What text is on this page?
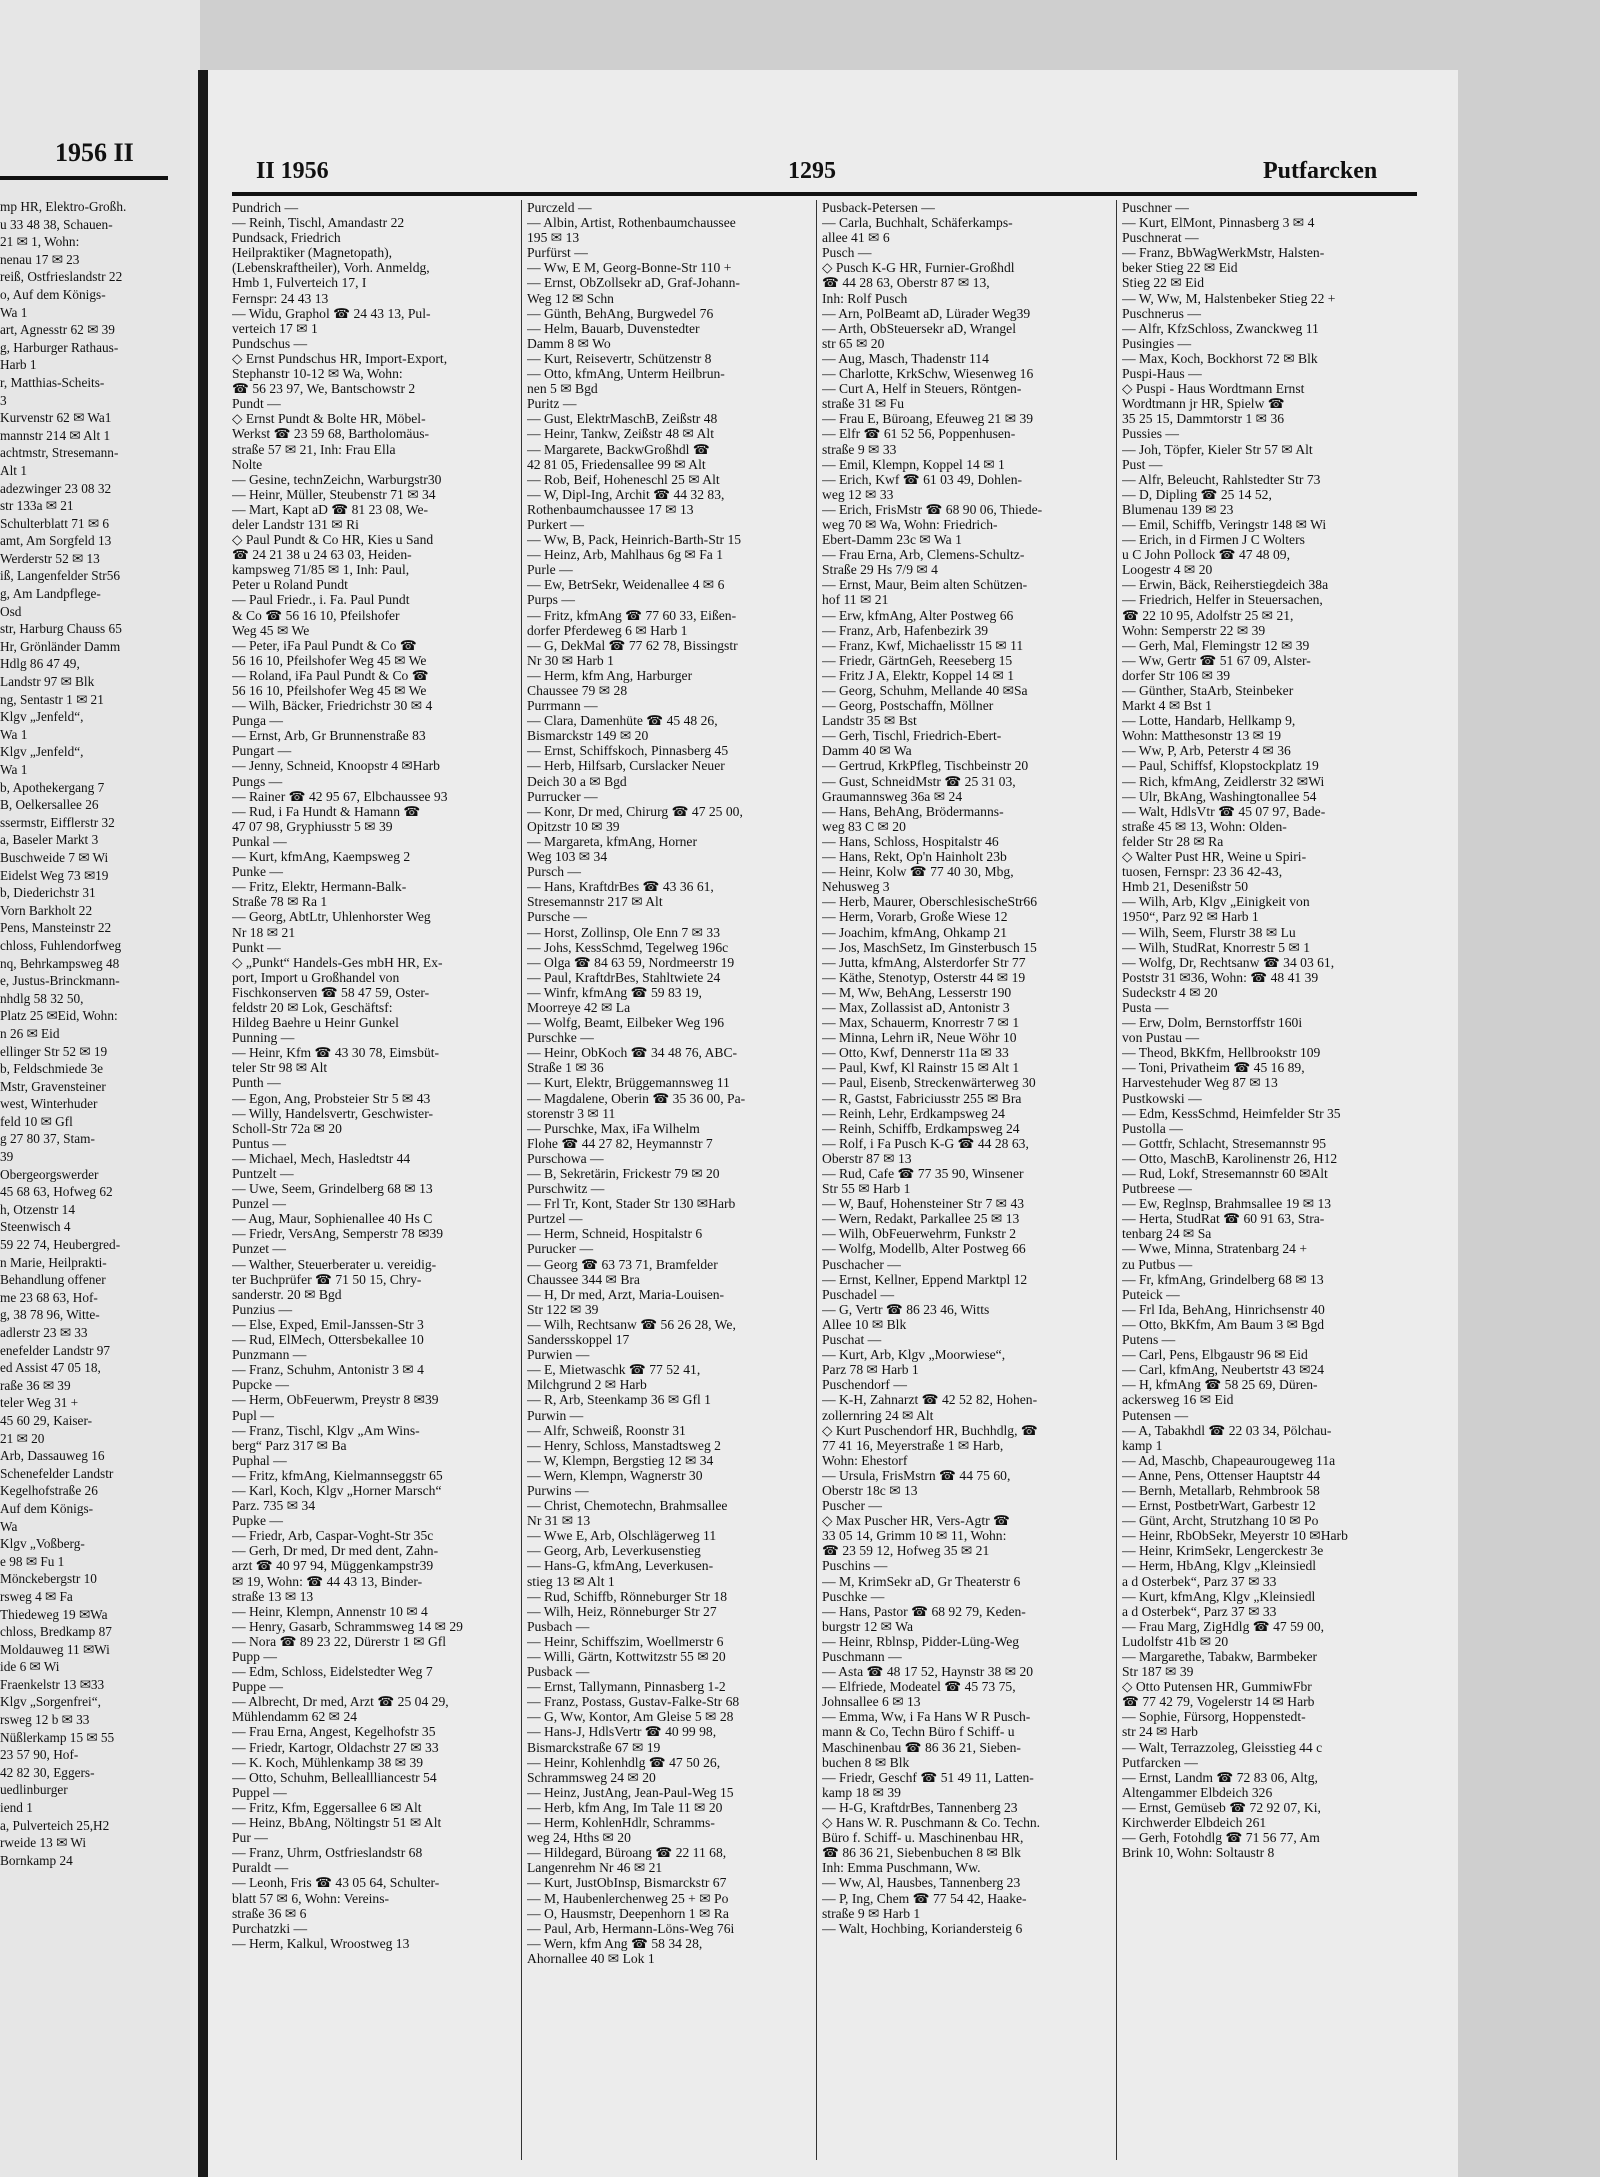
1956 II
mp HR, Elektro-Großh.
u 33 48 38, Schauen-
21 ✉ 1, Wohn:
nenau 17 ✉ 23
reiß, Ostfrieslandstr 22
o, Auf dem Königs-
Wa 1
art, Agnesstr 62 ✉ 39
g, Harburger Rathaus-
Harb 1
r, Matthias-Scheits-
3
Kurvenstr 62 ✉ Wa1
mannstr 214 ✉ Alt 1
achtmstr, Stresemann-
Alt 1
adezwinger 23 08 32
str 133a ✉ 21
Schulterblatt 71 ✉ 6
amt, Am Sorgfeld 13
Werderstr 52 ✉ 13
iß, Langenfelder Str56
g, Am Landpflege-
Osd
str, Harburg Chauss 65
Hr, Grönländer Damm
Hdlg 86 47 49,
Landstr 97 ✉ Blk
ng, Sentastr 1 ✉ 21
Klgv „Jenfeld“,
Wa 1
Klgv „Jenfeld“,
Wa 1
b, Apothekergang 7
B, Oelkersallee 26
ssermstr, Eifflerstr 32
a, Baseler Markt 3
Buschweide 7 ✉ Wi
Eidelst Weg 73 ✉19
b, Diederichstr 31
Vorn Barkholt 22
Pens, Mansteinstr 22
chloss, Fuhlendorfweg
nq, Behrkampsweg 48
e, Justus-Brinckmann-
nhdlg 58 32 50,
Platz 25 ✉Eid, Wohn:
n 26 ✉ Eid
ellinger Str 52 ✉ 19
b, Feldschmiede 3e
Mstr, Gravensteiner
west, Winterhuder
feld 10 ✉ Gfl
g 27 80 37, Stam-
39
Obergeorgswerder
45 68 63, Hofweg 62
h, Otzenstr 14
Steenwisch 4
59 22 74, Heubergred-
n Marie, Heilprakti-
Behandlung offener
me 23 68 63, Hof-
g, 38 78 96, Witte-
adlerstr 23 ✉ 33
enefelder Landstr 97
ed Assist 47 05 18,
raße 36 ✉ 39
teler Weg 31 +
45 60 29, Kaiser-
21 ✉ 20
Arb, Dassauweg 16
Schenefelder Landstr
Kegelhofstraße 26
Auf dem Königs-
Wa
Klgv „Voßberg-
e 98 ✉ Fu 1
Mönckebergstr 10
rsweg 4 ✉ Fa
Thiedeweg 19 ✉Wa
chloss, Bredkamp 87
Moldauweg 11 ✉Wi
ide 6 ✉ Wi
Fraenkelstr 13 ✉33
Klgv „Sorgenfrei“,
rsweg 12 b ✉ 33
Nüßlerkamp 15 ✉ 55
23 57 90, Hof-
42 82 30, Eggers-
uedlinburger
iend 1
a, Pulverteich 25,H2
rweide 13 ✉ Wi
Bornkamp 24
II 1956	1295	Putfarcken
Pundrich —
— Reinh, Tischl, Amandastr 22
Pundsack, Friedrich
Heilpraktiker (Magnetopath),
(Lebenskraftheiler), Vorh. Anmeldg,
Hmb 1, Fulverteich 17, I
Fernspr: 24 43 13
— Widu, Graphol ☎ 24 43 13, Pul-
verteich 17 ✉ 1
Pundschus —
◇ Ernst Pundschus HR, Import-Export,
Stephanstr 10-12 ✉ Wa, Wohn:
☎ 56 23 97, We, Bantschowstr 2
Pundt —
◇ Ernst Pundt & Bolte HR, Möbel-
Werkst ☎ 23 59 68, Bartholomäus-
straße 57 ✉ 21, Inh: Frau Ella
Nolte
— Gesine, technZeichn, Warburgstr30
— Heinr, Müller, Steubenstr 71 ✉ 34
— Mart, Kapt aD ☎ 81 23 08, We-
deler Landstr 131 ✉ Ri
◇ Paul Pundt & Co HR, Kies u Sand
☎ 24 21 38 u 24 63 03, Heiden-
kampsweg 71/85 ✉ 1, Inh: Paul,
Peter u Roland Pundt
— Paul Friedr., i. Fa. Paul Pundt
& Co ☎ 56 16 10, Pfeilshofer
Weg 45 ✉ We
— Peter, iFa Paul Pundt & Co ☎
56 16 10, Pfeilshofer Weg 45 ✉ We
— Roland, iFa Paul Pundt & Co ☎
56 16 10, Pfeilshofer Weg 45 ✉ We
— Wilh, Bäcker, Friedrichstr 30 ✉ 4
Punga —
— Ernst, Arb, Gr Brunnenstraße 83
Pungart —
— Jenny, Schneid, Knoopstr 4 ✉Harb
Pungs —
— Rainer ☎ 42 95 67, Elbchaussee 93
— Rud, i Fa Hundt & Hamann ☎
47 07 98, Gryphiusstr 5 ✉ 39
Punkal —
— Kurt, kfmAng, Kaempsweg 2
Punke —
— Fritz, Elektr, Hermann-Balk-
Straße 78 ✉ Ra 1
— Georg, AbtLtr, Uhlenhorster Weg
Nr 18 ✉ 21
Punkt —
◇ „Punkt“ Handels-Ges mbH HR, Ex-
port, Import u Großhandel von
Fischkonserven ☎ 58 47 59, Oster-
feldstr 20 ✉ Lok, Geschäftsf:
Hildeg Baehre u Heinr Gunkel
Punning —
— Heinr, Kfm ☎ 43 30 78, Eimsbüt-
teler Str 98 ✉ Alt
Punth —
— Egon, Ang, Probsteier Str 5 ✉ 43
— Willy, Handelsvertr, Geschwister-
Scholl-Str 72a ✉ 20
Puntus —
— Michael, Mech, Hasledtstr 44
Puntzelt —
— Uwe, Seem, Grindelberg 68 ✉ 13
Punzel —
— Aug, Maur, Sophienallee 40 Hs C
— Friedr, VersAng, Semperstr 78 ✉39
Punzet —
— Walther, Steuerberater u. vereidig-
ter Buchprüfer ☎ 71 50 15, Chry-
sanderstr. 20 ✉ Bgd
Punzius —
— Else, Exped, Emil-Janssen-Str 3
— Rud, ElMech, Ottersbekallee 10
Punzmann —
— Franz, Schuhm, Antonistr 3 ✉ 4
Pupcke —
— Herm, ObFeuerwm, Preystr 8 ✉39
Pupl —
— Franz, Tischl, Klgv „Am Wins-
berg“ Parz 317 ✉ Ba
Puphal —
— Fritz, kfmAng, Kielmannseggstr 65
— Karl, Koch, Klgv „Horner Marsch“
Parz. 735 ✉ 34
Pupke —
— Friedr, Arb, Caspar-Voght-Str 35c
— Gerh, Dr med, Dr med dent, Zahn-
arzt ☎ 40 97 94, Müggenkampstr39
✉ 19, Wohn: ☎ 44 43 13, Binder-
straße 13 ✉ 13
— Heinr, Klempn, Annenstr 10 ✉ 4
— Henry, Gasarb, Schrammsweg 14 ✉ 29
— Nora ☎ 89 23 22, Dürerstr 1 ✉ Gfl
Pupp —
— Edm, Schloss, Eidelstedter Weg 7
Puppe —
— Albrecht, Dr med, Arzt ☎ 25 04 29,
Mühlendamm 62 ✉ 24
— Frau Erna, Angest, Kegelhofstr 35
— Friedr, Kartogr, Oldachstr 27 ✉ 33
— K. Koch, Mühlenkamp 38 ✉ 39
— Otto, Schuhm, Belleallliancestr 54
Puppel —
— Fritz, Kfm, Eggersallee 6 ✉ Alt
— Heinz, BbAng, Nöltingstr 51 ✉ Alt
Pur —
— Franz, Uhrm, Ostfrieslandstr 68
Puraldt —
— Leonh, Fris ☎ 43 05 64, Schulter-
blatt 57 ✉ 6, Wohn: Vereins-
straße 36 ✉ 6
Purchatzki —
— Herm, Kalkul, Wroostweg 13
Purczeld —
— Albin, Artist, Rothenbaumchaussee
195 ✉ 13
Purfürst —
— Ww, E M, Georg-Bonne-Str 110 +
— Ernst, ObZollsekr aD, Graf-Johann-
Weg 12 ✉ Schn
— Günth, BehAng, Burgwedel 76
— Helm, Bauarb, Duvenstedter
Damm 8 ✉ Wo
— Kurt, Reisevertr, Schützenstr 8
— Otto, kfmAng, Unterm Heilbrun-
nen 5 ✉ Bgd
Puritz —
— Gust, ElektrMaschB, Zeißstr 48
— Heinr, Tankw, Zeißstr 48 ✉ Alt
— Margarete, BackwGroßhdl ☎
42 81 05, Friedensallee 99 ✉ Alt
— Rob, Beif, Hoheneschl 25 ✉ Alt
— W, Dipl-Ing, Archit ☎ 44 32 83,
Rothenbaumchaussee 17 ✉ 13
Purkert —
— Ww, B, Pack, Heinrich-Barth-Str 15
— Heinz, Arb, Mahlhaus 6g ✉ Fa 1
Purle —
— Ew, BetrSekr, Weidenallee 4 ✉ 6
Purps —
— Fritz, kfmAng ☎ 77 60 33, Eißen-
dorfer Pferdeweg 6 ✉ Harb 1
— G, DekMal ☎ 77 62 78, Bissingstr
Nr 30 ✉ Harb 1
— Herm, kfm Ang, Harburger
Chaussee 79 ✉ 28
Purrmann —
— Clara, Damenhüte ☎ 45 48 26,
Bismarckstr 149 ✉ 20
— Ernst, Schiffskoch, Pinnasberg 45
— Herb, Hilfsarb, Curslacker Neuer
Deich 30 a ✉ Bgd
Purrucker —
— Konr, Dr med, Chirurg ☎ 47 25 00,
Opitzstr 10 ✉ 39
— Margareta, kfmAng, Horner
Weg 103 ✉ 34
Pursch —
— Hans, KraftdrBes ☎ 43 36 61,
Stresemannstr 217 ✉ Alt
Pursche —
— Horst, Zollinsp, Ole Enn 7 ✉ 33
— Johs, KessSchmd, Tegelweg 196c
— Olga ☎ 84 63 59, Nordmeerstr 19
— Paul, KraftdrBes, Stahltwiete 24
— Winfr, kfmAng ☎ 59 83 19,
Moorreye 42 ✉ La
— Wolfg, Beamt, Eilbeker Weg 196
Purschke —
— Heinr, ObKoch ☎ 34 48 76, ABC-
Straße 1 ✉ 36
— Kurt, Elektr, Brüggemannsweg 11
— Magdalene, Oberin ☎ 35 36 00, Pa-
storenstr 3 ✉ 11
— Purschke, Max, iFa Wilhelm
Flohe ☎ 44 27 82, Heymannstr 7
Purschowa —
— B, Sekretärin, Frickestr 79 ✉ 20
Purschwitz —
— Frl Tr, Kont, Stader Str 130 ✉Harb
Purtzel —
— Herm, Schneid, Hospitalstr 6
Purucker —
— Georg ☎ 63 73 71, Bramfelder
Chaussee 344 ✉ Bra
— H, Dr med, Arzt, Maria-Louisen-
Str 122 ✉ 39
— Wilh, Rechtsanw ☎ 56 26 28, We,
Sandersskoppel 17
Purwien —
— E, Mietwaschk ☎ 77 52 41,
Milchgrund 2 ✉ Harb
— R, Arb, Steenkamp 36 ✉ Gfl 1
Purwin —
— Alfr, Schweiß, Roonstr 31
— Henry, Schloss, Manstadtsweg 2
— W, Klempn, Bergstieg 12 ✉ 34
— Wern, Klempn, Wagnerstr 30
Purwins —
— Christ, Chemotechn, Brahmsallee
Nr 31 ✉ 13
— Wwe E, Arb, Olschlägerweg 11
— Georg, Arb, Leverkusenstieg
— Hans-G, kfmAng, Leverkusen-
stieg 13 ✉ Alt 1
— Rud, Schiffb, Rönneburger Str 18
— Wilh, Heiz, Rönneburger Str 27
Pusbach —
— Heinr, Schiffszim, Woellmerstr 6
— Willi, Gärtn, Kottwitzstr 55 ✉ 20
Pusback —
— Ernst, Tallymann, Pinnasberg 1-2
— Franz, Postass, Gustav-Falke-Str 68
— G, Ww, Kontor, Am Gleise 5 ✉ 28
— Hans-J, HdlsVertr ☎ 40 99 98,
Bismarckstraße 67 ✉ 19
— Heinr, Kohlenhdlg ☎ 47 50 26,
Schrammsweg 24 ✉ 20
— Heinz, JustAng, Jean-Paul-Weg 15
— Herb, kfm Ang, Im Tale 11 ✉ 20
— Herm, KohlenHdlr, Schramms-
weg 24, Hths ✉ 20
— Hildegard, Büroang ☎ 22 11 68,
Langenrehm Nr 46 ✉ 21
— Kurt, JustObInsp, Bismarckstr 67
— M, Haubenlerchenweg 25 + ✉ Po
— O, Hausmstr, Deepenhorn 1 ✉ Ra
— Paul, Arb, Hermann-Löns-Weg 76i
— Wern, kfm Ang ☎ 58 34 28,
Ahornallee 40 ✉ Lok 1
Pusback-Petersen —
— Carla, Buchhalt, Schäferkamps-
allee 41 ✉ 6
Pusch —
◇ Pusch K-G HR, Furnier-Großhdl
☎ 44 28 63, Oberstr 87 ✉ 13,
Inh: Rolf Pusch
— Arn, PolBeamt aD, Lürader Weg39
— Arth, ObSteuersekr aD, Wrangel
str 65 ✉ 20
— Aug, Masch, Thadenstr 114
— Charlotte, KrkSchw, Wiesenweg 16
— Curt A, Helf in Steuers, Röntgen-
straße 31 ✉ Fu
— Frau E, Büroang, Efeuweg 21 ✉ 39
— Elfr ☎ 61 52 56, Poppenhusen-
straße 9 ✉ 33
— Emil, Klempn, Koppel 14 ✉ 1
— Erich, Kwf ☎ 61 03 49, Dohlen-
weg 12 ✉ 33
— Erich, FrisMstr ☎ 68 90 06, Thiede-
weg 70 ✉ Wa, Wohn: Friedrich-
Ebert-Damm 23c ✉ Wa 1
— Frau Erna, Arb, Clemens-Schultz-
Straße 29 Hs 7/9 ✉ 4
— Ernst, Maur, Beim alten Schützen-
hof 11 ✉ 21
— Erw, kfmAng, Alter Postweg 66
— Franz, Arb, Hafenbezirk 39
— Franz, Kwf, Michaelisstr 15 ✉ 11
— Friedr, GärtnGeh, Reeseberg 15
— Fritz J A, Elektr, Koppel 14 ✉ 1
— Georg, Schuhm, Mellande 40 ✉Sa
— Georg, Postschaffn, Möllner
Landstr 35 ✉ Bst
— Gerh, Tischl, Friedrich-Ebert-
Damm 40 ✉ Wa
— Gertrud, KrkPfleg, Tischbeinstr 20
— Gust, SchneidMstr ☎ 25 31 03,
Graumannsweg 36a ✉ 24
— Hans, BehAng, Brödermanns-
weg 83 C ✉ 20
— Hans, Schloss, Hospitalstr 46
— Hans, Rekt, Op'n Hainholt 23b
— Heinr, Kolw ☎ 77 40 30, Mbg,
Nehusweg 3
— Herb, Maurer, OberschlesischeStr66
— Herm, Vorarb, Große Wiese 12
— Joachim, kfmAng, Ohkamp 21
— Jos, MaschSetz, Im Ginsterbusch 15
— Jutta, kfmAng, Alsterdorfer Str 77
— Käthe, Stenotyp, Osterstr 44 ✉ 19
— M, Ww, BehAng, Lesserstr 190
— Max, Zollassist aD, Antonistr 3
— Max, Schauerm, Knorrestr 7 ✉ 1
— Minna, Lehrn iR, Neue Wöhr 10
— Otto, Kwf, Dennerstr 11a ✉ 33
— Paul, Kwf, Kl Rainstr 15 ✉ Alt 1
— Paul, Eisenb, Streckenwärterweg 30
— R, Gastst, Fabriciusstr 255 ✉ Bra
— Reinh, Lehr, Erdkampsweg 24
— Reinh, Schiffb, Erdkampsweg 24
— Rolf, i Fa Pusch K-G ☎ 44 28 63,
Oberstr 87 ✉ 13
— Rud, Cafe ☎ 77 35 90, Winsener
Str 55 ✉ Harb 1
— W, Bauf, Hohensteiner Str 7 ✉ 43
— Wern, Redakt, Parkallee 25 ✉ 13
— Wilh, ObFeuerwehrm, Funkstr 2
— Wolfg, Modellb, Alter Postweg 66
Puschacher —
— Ernst, Kellner, Eppend Marktpl 12
Puschadel —
— G, Vertr ☎ 86 23 46, Witts
Allee 10 ✉ Blk
Puschat —
— Kurt, Arb, Klgv „Moorwiese“,
Parz 78 ✉ Harb 1
Puschendorf —
— K-H, Zahnarzt ☎ 42 52 82, Hohen-
zollernring 24 ✉ Alt
◇ Kurt Puschendorf HR, Buchhdlg, ☎
77 41 16, Meyerstraße 1 ✉ Harb,
Wohn: Ehestorf
— Ursula, FrisMstrn ☎ 44 75 60,
Oberstr 18c ✉ 13
Puscher —
◇ Max Puscher HR, Vers-Agtr ☎
33 05 14, Grimm 10 ✉ 11, Wohn:
☎ 23 59 12, Hofweg 35 ✉ 21
Puschins —
— M, KrimSekr aD, Gr Theaterstr 6
Puschke —
— Hans, Pastor ☎ 68 92 79, Keden-
burgstr 12 ✉ Wa
— Heinr, Rblnsp, Pidder-Lüng-Weg
Puschmann —
— Asta ☎ 48 17 52, Haynstr 38 ✉ 20
— Elfriede, Modeatel ☎ 45 73 75,
Johnsallee 6 ✉ 13
— Emma, Ww, i Fa Hans W R Pusch-
mann & Co, Techn Büro f Schiff- u
Maschinenbau ☎ 86 36 21, Sieben-
buchen 8 ✉ Blk
— Friedr, Geschf ☎ 51 49 11, Latten-
kamp 18 ✉ 39
— H-G, KraftdrBes, Tannenberg 23
◇ Hans W. R. Puschmann & Co. Techn.
Büro f. Schiff- u. Maschinenbau HR,
☎ 86 36 21, Siebenbuchen 8 ✉ Blk
Inh: Emma Puschmann, Ww.
— Ww, Al, Hausbes, Tannenberg 23
— P, Ing, Chem ☎ 77 54 42, Haake-
straße 9 ✉ Harb 1
— Walt, Hochbing, Koriandersteig 6
Puschner —
— Kurt, ElMont, Pinnasberg 3 ✉ 4
Puschnerat —
— Franz, BbWagWerkMstr, Halsten-
beker Stieg 22 ✉ Eid
Stieg 22 ✉ Eid
— W, Ww, M, Halstenbeker Stieg 22 +
Puschnerus —
— Alfr, KfzSchloss, Zwanckweg 11
Pusingies —
— Max, Koch, Bockhorst 72 ✉ Blk
Puspi-Haus —
◇ Puspi - Haus Wordtmann Ernst
Wordtmann jr HR, Spielw ☎
35 25 15, Dammtorstr 1 ✉ 36
Pussies —
— Joh, Töpfer, Kieler Str 57 ✉ Alt
Pust —
— Alfr, Beleucht, Rahlstedter Str 73
— D, Dipling ☎ 25 14 52,
Blumenau 139 ✉ 23
— Emil, Schiffb, Veringstr 148 ✉ Wi
— Erich, in d Firmen J C Wolters
u C John Pollock ☎ 47 48 09,
Loogestr 4 ✉ 20
— Erwin, Bäck, Reiherstiegdeich 38a
— Friedrich, Helfer in Steuersachen,
☎ 22 10 95, Adolfstr 25 ✉ 21,
Wohn: Semperstr 22 ✉ 39
— Gerh, Mal, Flemingstr 12 ✉ 39
— Ww, Gertr ☎ 51 67 09, Alster-
dorfer Str 106 ✉ 39
— Günther, StaArb, Steinbeker
Markt 4 ✉ Bst 1
— Lotte, Handarb, Hellkamp 9,
Wohn: Matthesonstr 13 ✉ 19
— Ww, P, Arb, Peterstr 4 ✉ 36
— Paul, Schiffsf, Klopstockplatz 19
— Rich, kfmAng, Zeidlerstr 32 ✉Wi
— Ulr, BkAng, Washingtonallee 54
— Walt, HdlsVtr ☎ 45 07 97, Bade-
straße 45 ✉ 13, Wohn: Olden-
felder Str 28 ✉ Ra
◇ Walter Pust HR, Weine u Spiri-
tuosen, Fernspr: 23 36 42-43,
Hmb 21, Desenißstr 50
— Wilh, Arb, Klgv „Einigkeit von
1950“, Parz 92 ✉ Harb 1
— Wilh, Seem, Flurstr 38 ✉ Lu
— Wilh, StudRat, Knorrestr 5 ✉ 1
— Wolfg, Dr, Rechtsanw ☎ 34 03 61,
Poststr 31 ✉36, Wohn: ☎ 48 41 39
Sudeckstr 4 ✉ 20
Pusta —
— Erw, Dolm, Bernstorffstr 160i
von Pustau —
— Theod, BkKfm, Hellbrookstr 109
— Toni, Privatheim ☎ 45 16 89,
Harvestehuder Weg 87 ✉ 13
Pustkowski —
— Edm, KessSchmd, Heimfelder Str 35
Pustolla —
— Gottfr, Schlacht, Stresemannstr 95
— Otto, MaschB, Karolinenstr 26, H12
— Rud, Lokf, Stresemannstr 60 ✉Alt
Putbreese —
— Ew, Reglnsp, Brahmsallee 19 ✉ 13
— Herta, StudRat ☎ 60 91 63, Stra-
tenbarg 24 ✉ Sa
— Wwe, Minna, Stratenbarg 24 +
zu Putbus —
— Fr, kfmAng, Grindelberg 68 ✉ 13
Puteick —
— Frl Ida, BehAng, Hinrichsenstr 40
— Otto, BkKfm, Am Baum 3 ✉ Bgd
Putens —
— Carl, Pens, Elbgaustr 96 ✉ Eid
— Carl, kfmAng, Neubertstr 43 ✉24
— H, kfmAng ☎ 58 25 69, Düren-
ackersweg 16 ✉ Eid
Putensen —
— A, Tabakhdl ☎ 22 03 34, Pölchau-
kamp 1
— Ad, Maschb, Chapeaurougeweg 11a
— Anne, Pens, Ottenser Hauptstr 44
— Bernh, Metallarb, Rehmbrook 58
— Ernst, PostbetrWart, Garbestr 12
— Günt, Archt, Strutzhang 10 ✉ Po
— Heinr, RbObSekr, Meyerstr 10 ✉Harb
— Heinr, KrimSekr, Lengerckestr 3e
— Herm, HbAng, Klgv „Kleinsiedl
a d Osterbek“, Parz 37 ✉ 33
— Kurt, kfmAng, Klgv „Kleinsiedl
a d Osterbek“, Parz 37 ✉ 33
— Frau Marg, ZigHdlg ☎ 47 59 00,
Ludolfstr 41b ✉ 20
— Margarethe, Tabakw, Barmbeker
Str 187 ✉ 39
◇ Otto Putensen HR, GummiwFbr
☎ 77 42 79, Vogelerstr 14 ✉ Harb
— Sophie, Fürsorg, Hoppenstedt-
str 24 ✉ Harb
— Walt, Terrazzoleg, Gleisstieg 44 c
Putfarcken —
— Ernst, Landm ☎ 72 83 06, Altg,
Altengammer Elbdeich 326
— Ernst, Gemüseb ☎ 72 92 07, Ki,
Kirchwerder Elbdeich 261
— Gerh, Fotohdlg ☎ 71 56 77, Am
Brink 10, Wohn: Soltaustr 8
